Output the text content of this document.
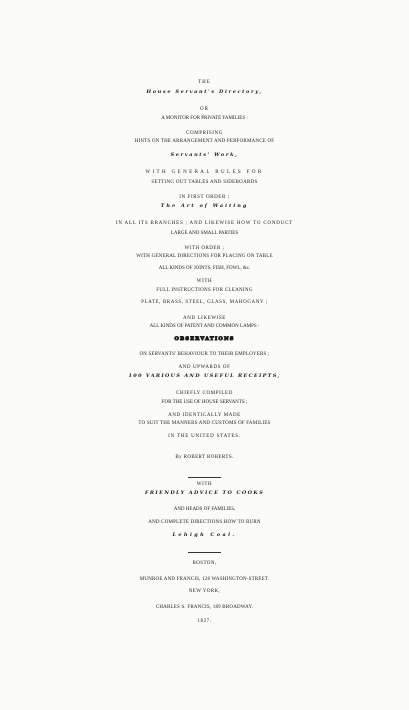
THE
House Servant's Directory,
OR
A MONITOR FOR PRIVATE FAMILIES :
COMPRISING
HINTS ON THE ARRANGEMENT AND PERFORMANCE OF
Servants' Work,
WITH GENERAL RULES FOR
SETTING OUT TABLES AND SIDEBOARDS
IN FIRST ORDER ;
The Art of Waiting
IN ALL ITS BRANCHES ; AND LIKEWISE HOW TO CONDUCT
LARGE AND SMALL PARTIES
WITH ORDER ;
WITH GENERAL DIRECTIONS FOR PLACING ON TABLE
ALL KINDS OF JOINTS, FISH, FOWL, &c.
WITH
FULL INSTRUCTIONS FOR CLEANING
PLATE, BRASS, STEEL, GLASS, MAHOGANY ;
AND LIKEWISE
ALL KINDS OF PATENT AND COMMON LAMPS :
OBSERVATIONS
ON SERVANTS' BEHAVIOUR TO THEIR EMPLOYERS ;
AND UPWARDS OF
100 VARIOUS AND USEFUL RECEIPTS,
CHIEFLY COMPILED
FOR THE USE OF HOUSE SERVANTS ;
AND IDENTICALLY MADE
TO SUIT THE MANNERS AND CUSTOMS OF FAMILIES
IN THE UNITED STATES.
By ROBERT ROBERTS.
WITH
FRIENDLY ADVICE TO COOKS
AND HEADS OF FAMILIES,
AND COMPLETE DIRECTIONS HOW TO BURN
Lehigh Coal.
BOSTON,
MUNROE AND FRANCIS, 128 WASHINGTON-STREET.
NEW YORK,
CHARLES S. FRANCIS, 189 BROADWAY.
1827.
